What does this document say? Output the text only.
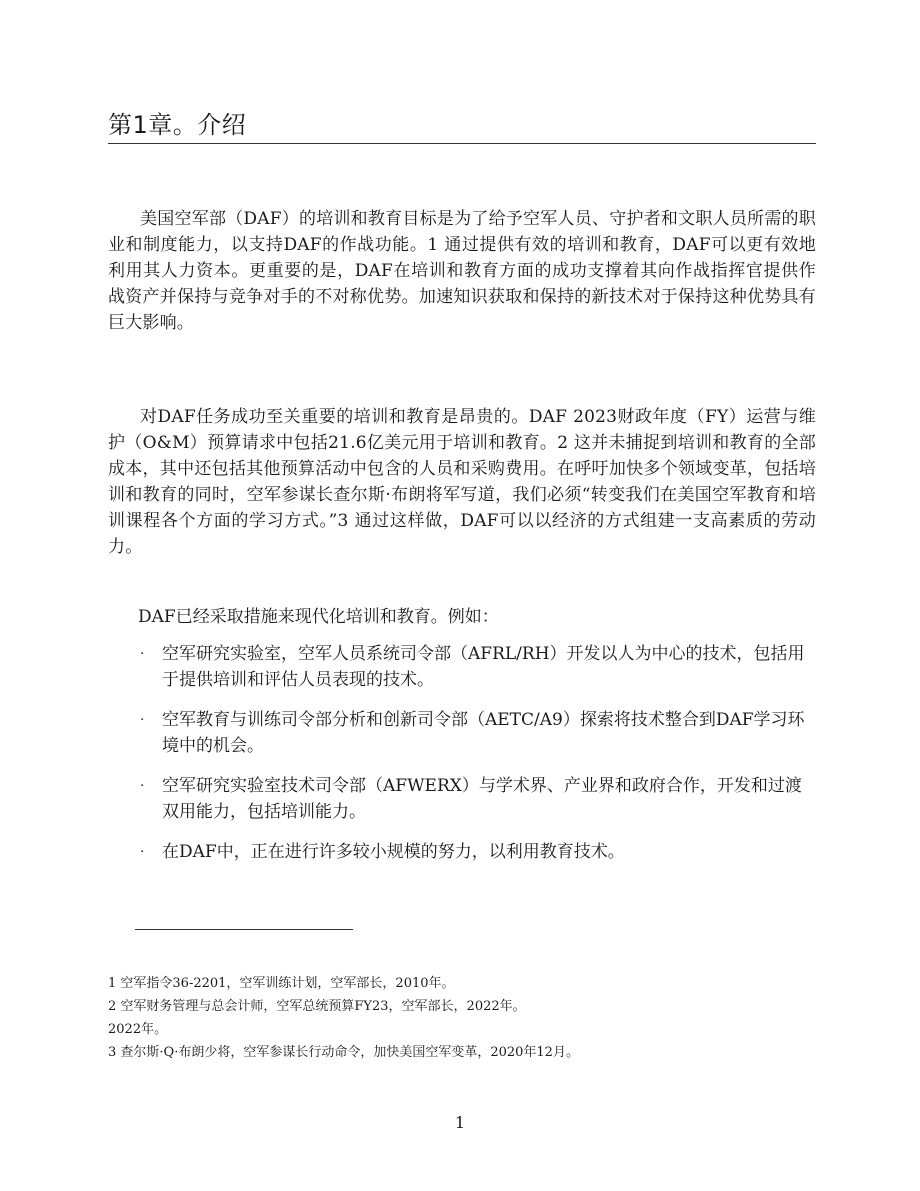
第1章。介绍

美国空军部（DAF）的培训和教育目标是为了给予空军人员、守护者和文职人员所需的职业和制度能力，以支持DAF的作战功能。1 通过提供有效的培训和教育，DAF可以更有效地利用其人力资本。更重要的是，DAF在培训和教育方面的成功支撑着其向作战指挥官提供作战资产并保持与竞争对手的不对称优势。加速知识获取和保持的新技术对于保持这种优势具有巨大影响。

对DAF任务成功至关重要的培训和教育是昂贵的。DAF 2023财政年度（FY）运营与维护（O&M）预算请求中包括21.6亿美元用于培训和教育。2 这并未捕捉到培训和教育的全部成本，其中还包括其他预算活动中包含的人员和采购费用。在呼吁加快多个领域变革，包括培训和教育的同时，空军参谋长查尔斯·布朗将军写道，我们必须“转变我们在美国空军教育和培训课程各个方面的学习方式。”3 通过这样做，DAF可以以经济的方式组建一支高素质的劳动力。

DAF已经采取措施来现代化培训和教育。例如：

· 空军研究实验室，空军人员系统司令部（AFRL/RH）开发以人为中心的技术，包括用于提供培训和评估人员表现的技术。
· 空军教育与训练司令部分析和创新司令部（AETC/A9）探索将技术整合到DAF学习环境中的机会。
· 空军研究实验室技术司令部（AFWERX）与学术界、产业界和政府合作，开发和过渡双用能力，包括培训能力。
· 在DAF中，正在进行许多较小规模的努力，以利用教育技术。
1 空军指令36-2201，空军训练计划，空军部长，2010年。
2 空军财务管理与总会计师，空军总统预算FY23，空军部长，2022年。
2022年。
3 查尔斯·Q·布朗少将，空军参谋长行动命令，加快美国空军变革，2020年12月。
1
